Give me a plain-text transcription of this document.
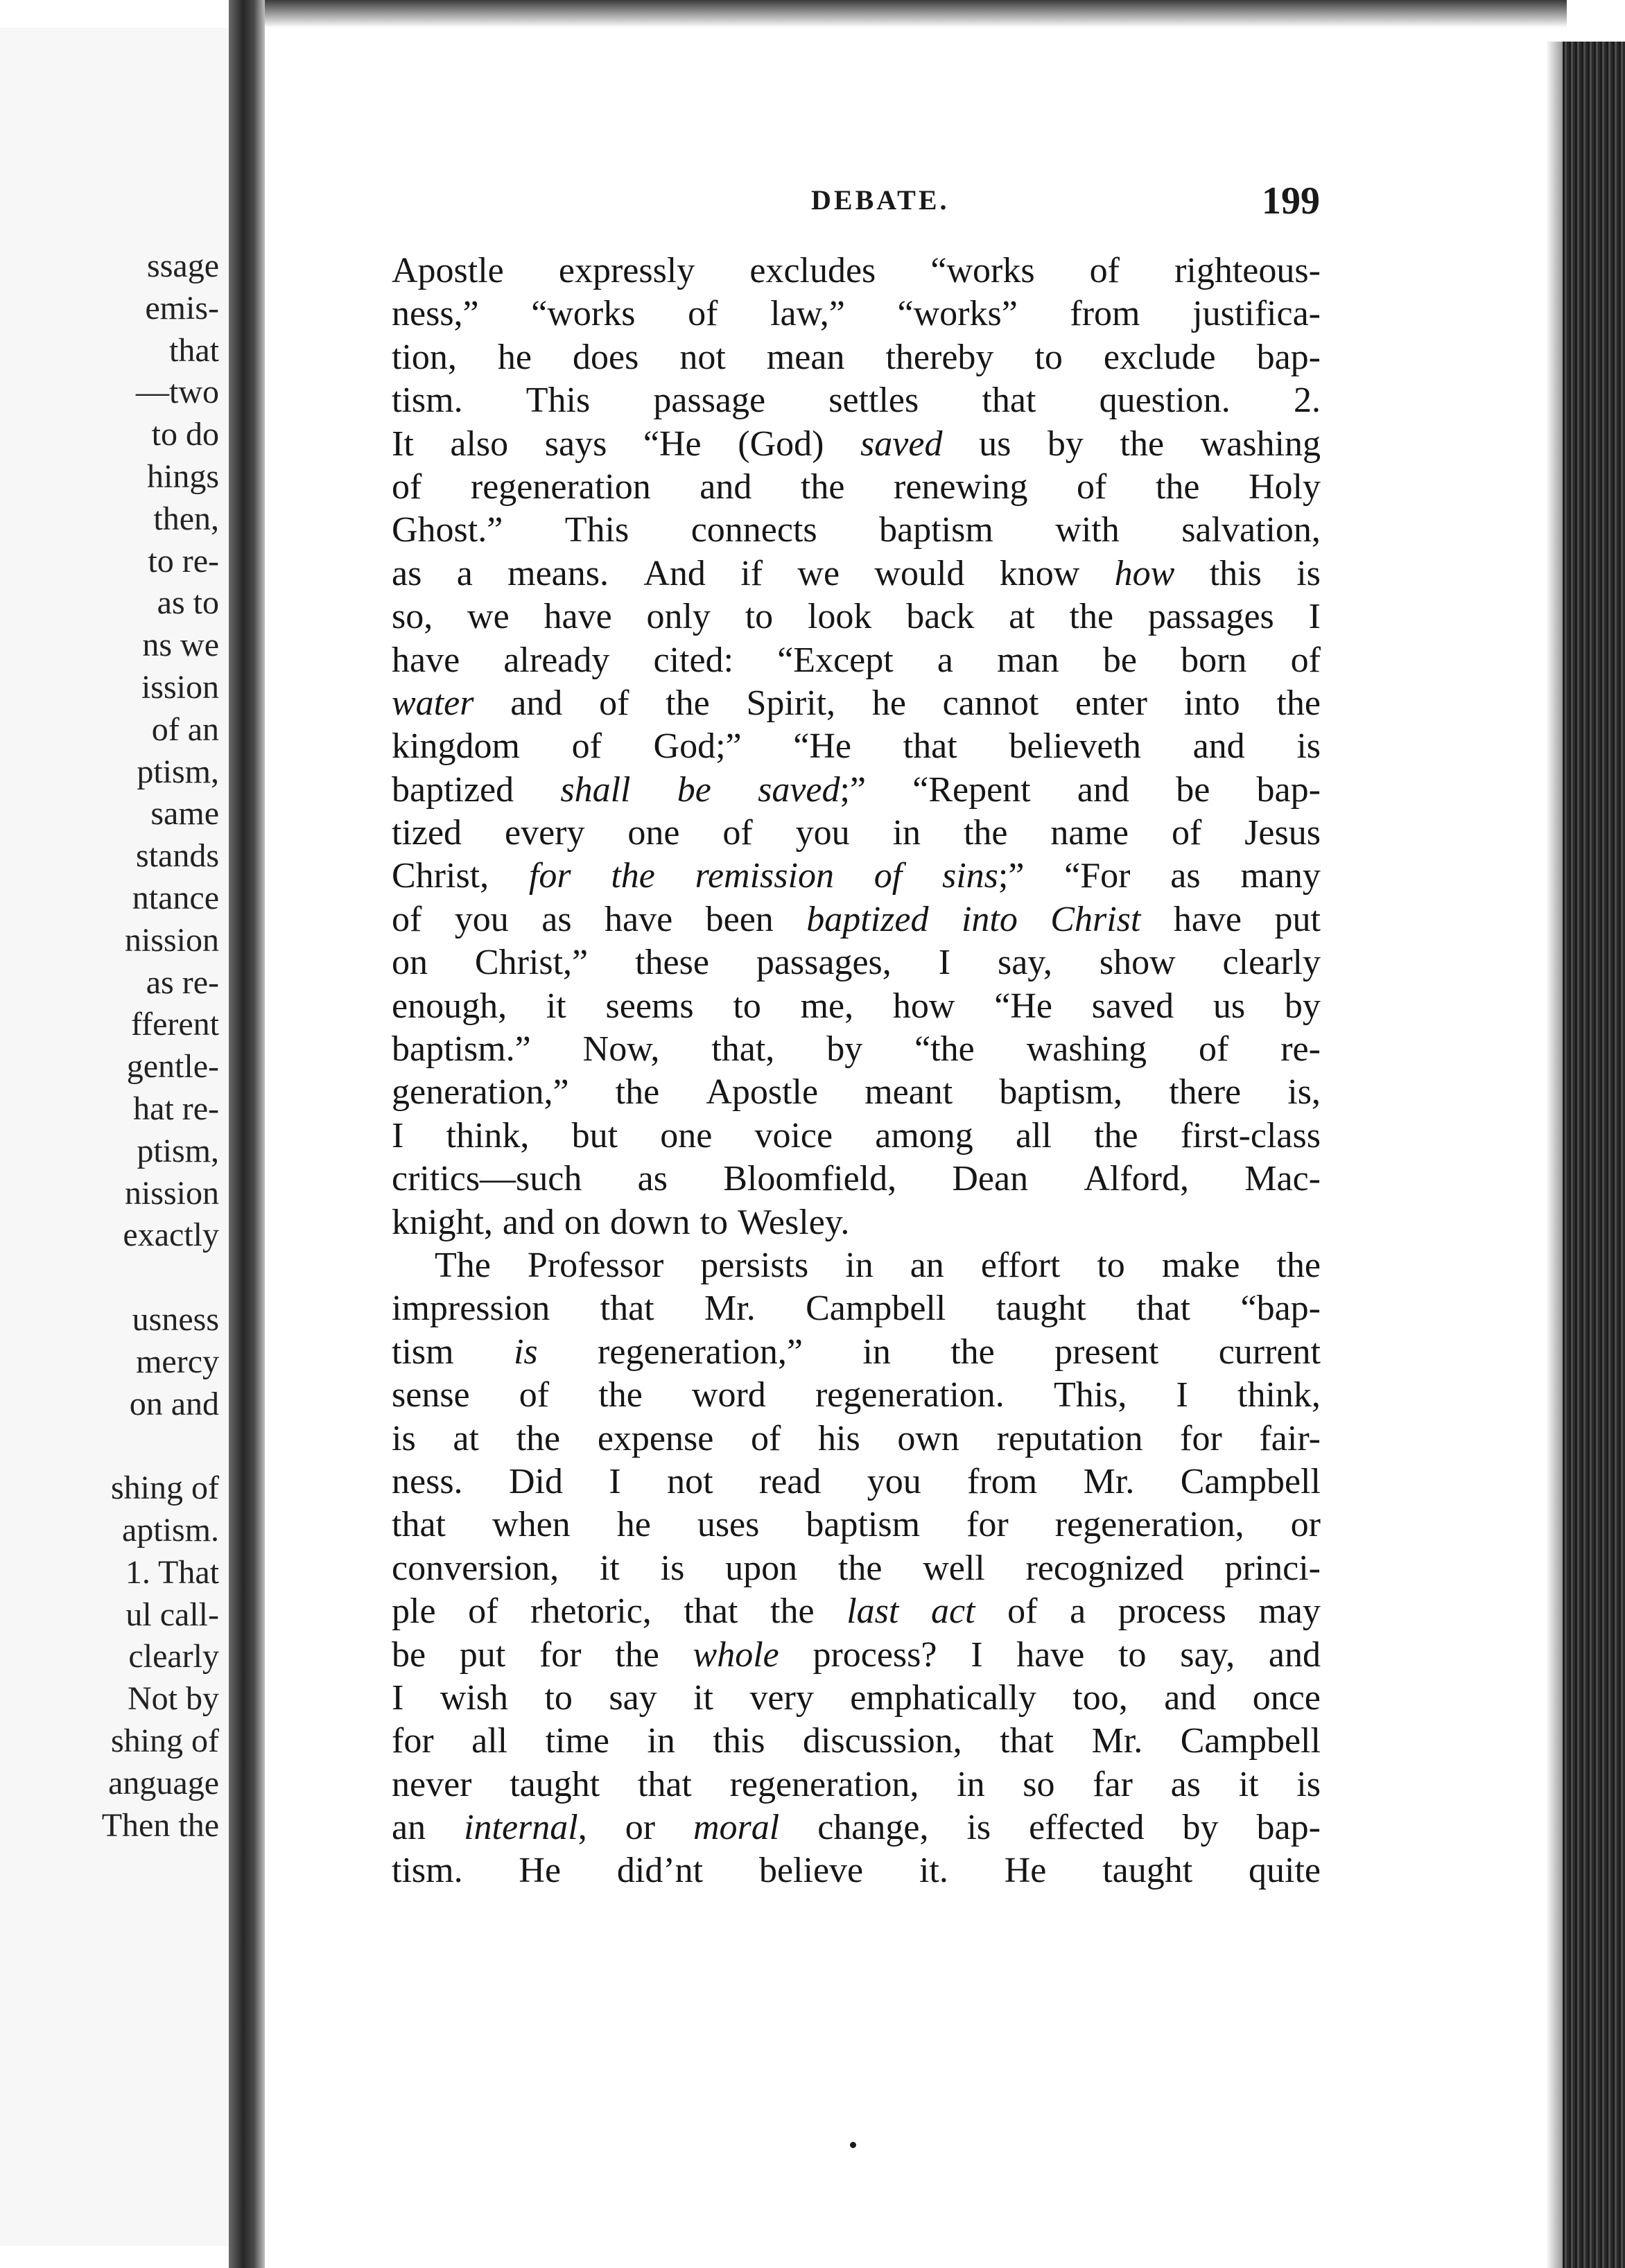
ssage
emis-
that
—two
to do
hings
then,
to re-
as to
ns we
ission
of an
ptism,
same
stands
ntance
nission
as re-
fferent
gentle-
hat re-
ptism,
nission
exactly
usness
mercy
on and
shing of
aptism.
1. That
ul call-
clearly
Not by
shing of
anguage
Then the
DEBATE.	199
Apostle expressly excludes “works of righteous-
ness,” “works of law,” “works” from justifica-
tion, he does not mean thereby to exclude bap-
tism. This passage settles that question. 2.
It also says “He (God) saved us by the washing
of regeneration and the renewing of the Holy
Ghost.” This connects baptism with salvation,
as a means. And if we would know how this is
so, we have only to look back at the passages I
have already cited: “Except a man be born of
water and of the Spirit, he cannot enter into the
kingdom of God;” “He that believeth and is
baptized shall be saved;” “Repent and be bap-
tized every one of you in the name of Jesus
Christ, for the remission of sins;” “For as many
of you as have been baptized into Christ have put
on Christ,” these passages, I say, show clearly
enough, it seems to me, how “He saved us by
baptism.” Now, that, by “the washing of re-
generation,” the Apostle meant baptism, there is,
I think, but one voice among all the first-class
critics—such as Bloomfield, Dean Alford, Mac-
knight, and on down to Wesley.
The Professor persists in an effort to make the
impression that Mr. Campbell taught that “bap-
tism is regeneration,” in the present current
sense of the word regeneration. This, I think,
is at the expense of his own reputation for fair-
ness. Did I not read you from Mr. Campbell
that when he uses baptism for regeneration, or
conversion, it is upon the well recognized princi-
ple of rhetoric, that the last act of a process may
be put for the whole process? I have to say, and
I wish to say it very emphatically too, and once
for all time in this discussion, that Mr. Campbell
never taught that regeneration, in so far as it is
an internal, or moral change, is effected by bap-
tism. He did’nt believe it. He taught quite
